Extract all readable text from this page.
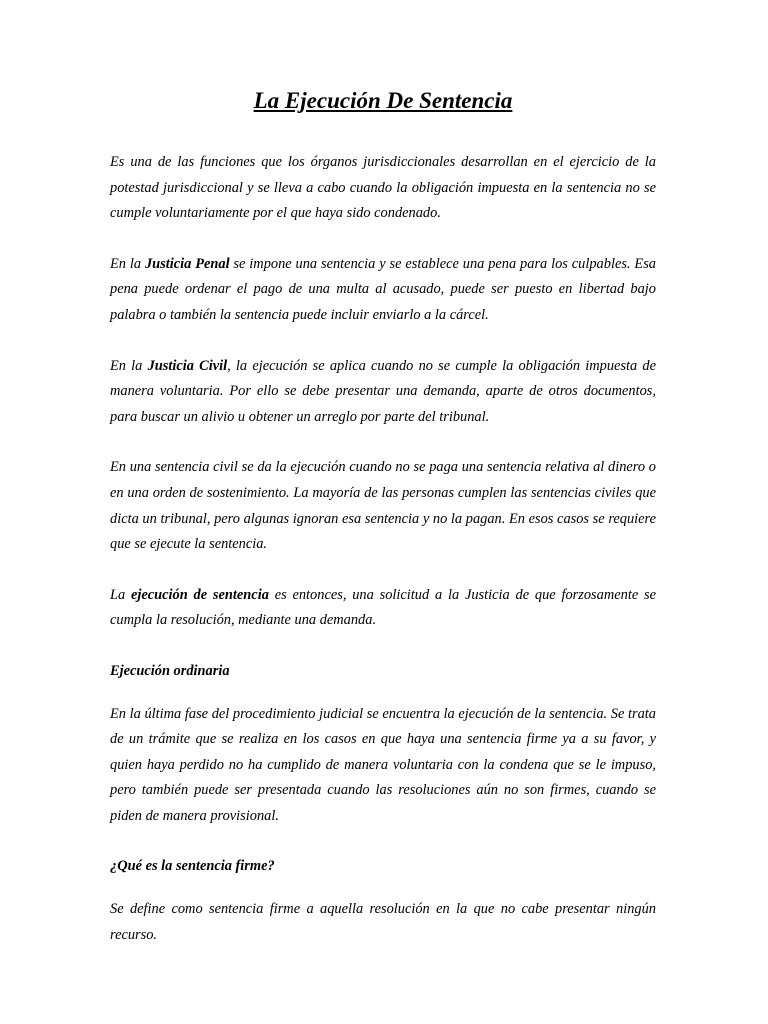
La Ejecución De Sentencia

Es una de las funciones que los órganos jurisdiccionales desarrollan en el ejercicio de la potestad jurisdiccional y se lleva a cabo cuando la obligación impuesta en la sentencia no se cumple voluntariamente por el que haya sido condenado.

En la Justicia Penal se impone una sentencia y se establece una pena para los culpables. Esa pena puede ordenar el pago de una multa al acusado, puede ser puesto en libertad bajo palabra o también la sentencia puede incluir enviarlo a la cárcel.

En la Justicia Civil, la ejecución se aplica cuando no se cumple la obligación impuesta de manera voluntaria. Por ello se debe presentar una demanda, aparte de otros documentos, para buscar un alivio u obtener un arreglo por parte del tribunal.

En una sentencia civil se da la ejecución cuando no se paga una sentencia relativa al dinero o en una orden de sostenimiento. La mayoría de las personas cumplen las sentencias civiles que dicta un tribunal, pero algunas ignoran esa sentencia y no la pagan. En esos casos se requiere que se ejecute la sentencia.

La ejecución de sentencia es entonces, una solicitud a la Justicia de que forzosamente se cumpla la resolución, mediante una demanda.

Ejecución ordinaria

En la última fase del procedimiento judicial se encuentra la ejecución de la sentencia. Se trata de un trámite que se realiza en los casos en que haya una sentencia firme ya a su favor, y quien haya perdido no ha cumplido de manera voluntaria con la condena que se le impuso, pero también puede ser presentada cuando las resoluciones aún no son firmes, cuando se piden de manera provisional.

¿Qué es la sentencia firme?

Se define como sentencia firme a aquella resolución en la que no cabe presentar ningún recurso.
